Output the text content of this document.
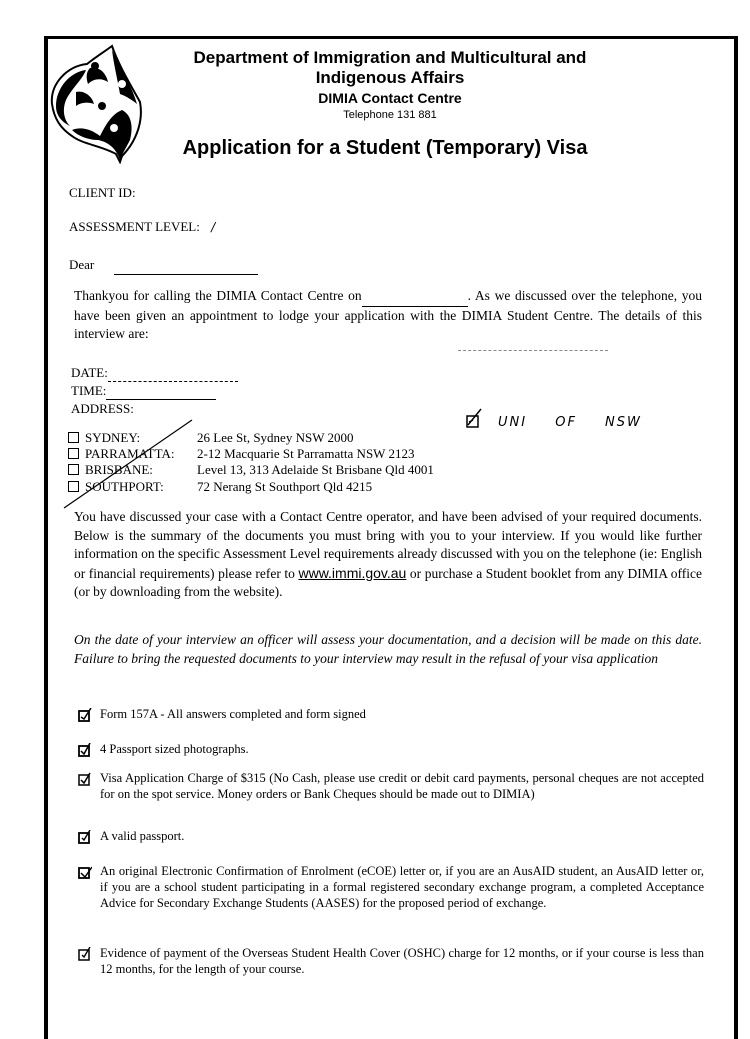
Department of Immigration and Multicultural and
Indigenous Affairs
DIMIA Contact Centre
Telephone 131 881
Application for a Student (Temporary) Visa
CLIENT ID:
ASSESSMENT LEVEL: /
Dear
Thankyou for calling the DIMIA Contact Centre on	. As we discussed over the telephone, you have been given an appointment to lodge your application with the DIMIA Student Centre. The details of this interview are:
DATE:
TIME:
ADDRESS:
UNI OF NSW
SYDNEY:	26 Lee St, Sydney NSW 2000
PARRAMATTA: 2-12 Macquarie St Parramatta NSW 2123
BRISBANE:	Level 13, 313 Adelaide St Brisbane Qld 4001
SOUTHPORT:	72 Nerang St Southport Qld 4215
You have discussed your case with a Contact Centre operator, and have been advised of your required documents. Below is the summary of the documents you must bring with you to your interview. If you would like further information on the specific Assessment Level requirements already discussed with you on the telephone (ie: English or financial requirements) please refer to www.immi.gov.au or purchase a Student booklet from any DIMIA office (or by downloading from the website).
On the date of your interview an officer will assess your documentation, and a decision will be made on this date. Failure to bring the requested documents to your interview may result in the refusal of your visa application
Form 157A - All answers completed and form signed
4 Passport sized photographs.
Visa Application Charge of $315 (No Cash, please use credit or debit card payments, personal cheques are not accepted for on the spot service. Money orders or Bank Cheques should be made out to DIMIA)
A valid passport.
An original Electronic Confirmation of Enrolment (eCOE) letter or, if you are an AusAID student, an AusAID letter or, if you are a school student participating in a formal registered secondary exchange program, a completed Acceptance Advice for Secondary Exchange Students (AASES) for the proposed period of exchange.
Evidence of payment of the Overseas Student Health Cover (OSHC) charge for 12 months, or if your course is less than 12 months, for the length of your course.
